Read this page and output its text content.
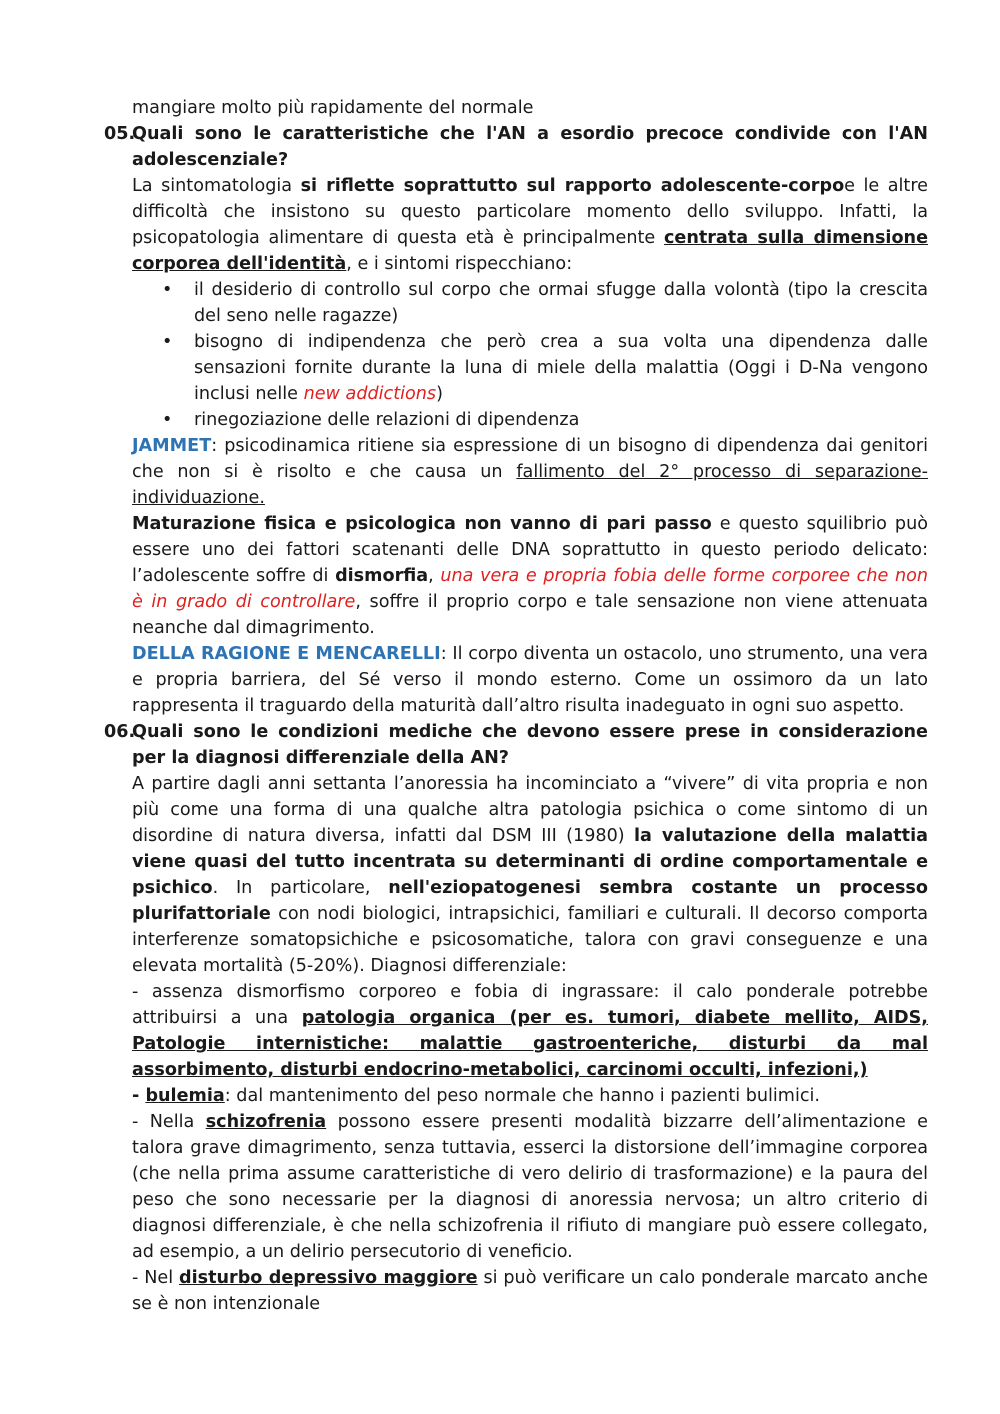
mangiare molto più rapidamente del normale

05.
Quali sono le caratteristiche che l'AN a esordio precoce condivide con l'AN adolescenziale?

La sintomatologia si riflette soprattutto sul rapporto adolescente-corpoe le altre difficoltà che insistono su questo particolare momento dello sviluppo. Infatti, la psicopatologia alimentare di questa età è principalmente centrata sulla dimensione corporea dell'identità, e i sintomi rispecchiano:

• il desiderio di controllo sul corpo che ormai sfugge dalla volontà (tipo la crescita del seno nelle ragazze)
• bisogno di indipendenza che però crea a sua volta una dipendenza dalle sensazioni fornite durante la luna di miele della malattia (Oggi i D-Na vengono inclusi nelle new addictions)
• rinegoziazione delle relazioni di dipendenza

JAMMET: psicodinamica ritiene sia espressione di un bisogno di dipendenza dai genitori che non si è risolto e che causa un fallimento del 2° processo di separazione-individuazione.

Maturazione fisica e psicologica non vanno di pari passo e questo squilibrio può essere uno dei fattori scatenanti delle DNA soprattutto in questo periodo delicato: l’adolescente soffre di dismorfia, una vera e propria fobia delle forme corporee che non è in grado di controllare, soffre il proprio corpo e tale sensazione non viene attenuata neanche dal dimagrimento.

DELLA RAGIONE E MENCARELLI: Il corpo diventa un ostacolo, uno strumento, una vera e propria barriera, del Sé verso il mondo esterno. Come un ossimoro da un lato rappresenta il traguardo della maturità dall’altro risulta inadeguato in ogni suo aspetto.

06.
Quali sono le condizioni mediche che devono essere prese in considerazione per la diagnosi differenziale della AN?

A partire dagli anni settanta l’anoressia ha incominciato a “vivere” di vita propria e non più come una forma di una qualche altra patologia psichica o come sintomo di un disordine di natura diversa, infatti dal DSM III (1980) la valutazione della malattia viene quasi del tutto incentrata su determinanti di ordine comportamentale e psichico. In particolare, nell'eziopatogenesi sembra costante un processo plurifattoriale con nodi biologici, intrapsichici, familiari e culturali. Il decorso comporta interferenze somatopsichiche e psicosomatiche, talora con gravi conseguenze e una elevata mortalità (5-20%). Diagnosi differenziale:

- assenza dismorfismo corporeo e fobia di ingrassare: il calo ponderale potrebbe attribuirsi a una patologia organica (per es. tumori, diabete mellito, AIDS, Patologie internistiche: malattie gastroenteriche, disturbi da mal assorbimento, disturbi endocrino-metabolici, carcinomi occulti, infezioni,)

- bulemia: dal mantenimento del peso normale che hanno i pazienti bulimici.

- Nella schizofrenia possono essere presenti modalità bizzarre dell’alimentazione e talora grave dimagrimento, senza tuttavia, esserci la distorsione dell’immagine corporea (che nella prima assume caratteristiche di vero delirio di trasformazione) e la paura del peso che sono necessarie per la diagnosi di anoressia nervosa; un altro criterio di diagnosi differenziale, è che nella schizofrenia il rifiuto di mangiare può essere collegato, ad esempio, a un delirio persecutorio di veneficio.

- Nel disturbo depressivo maggiore si può verificare un calo ponderale marcato anche se è non intenzionale
